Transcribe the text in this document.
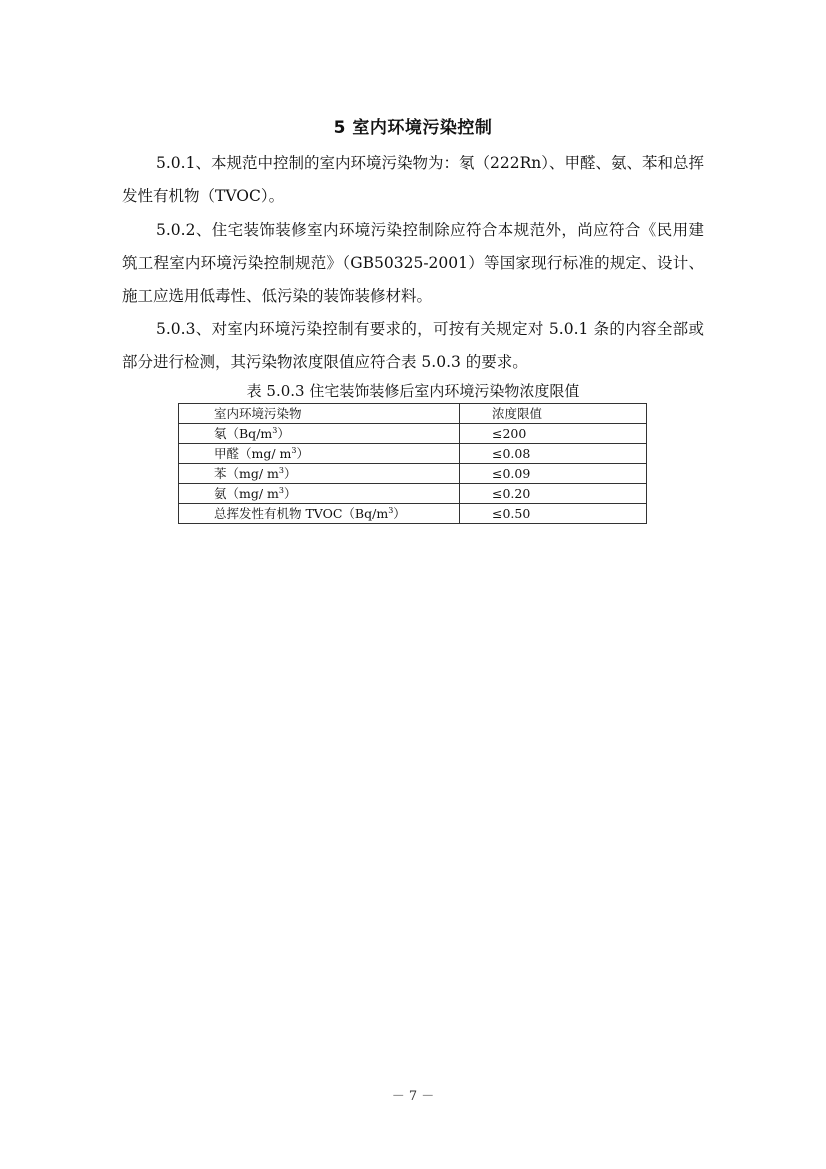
5 室内环境污染控制

5.0.1、本规范中控制的室内环境污染物为：氡（222Rn）、甲醛、氨、苯和总挥发性有机物（TVOC）。

5.0.2、住宅装饰装修室内环境污染控制除应符合本规范外，尚应符合《民用建筑工程室内环境污染控制规范》（GB50325-2001）等国家现行标准的规定、设计、施工应选用低毒性、低污染的装饰装修材料。

5.0.3、对室内环境污染控制有要求的，可按有关规定对 5.0.1 条的内容全部或部分进行检测，其污染物浓度限值应符合表 5.0.3 的要求。

表 5.0.3 住宅装饰装修后室内环境污染物浓度限值

室内环境污染物	浓度限值
氡$(Bq/m^3)$	≤200
甲醛（mg/ $m^3$）	≤0.08
苯（mg/ $m^3$）	≤0.09
氨（mg/ $m^3$）	≤0.20
总挥发性有机物 $TVOC(Bq/m^3)$	≤0.50

－ 7 －
